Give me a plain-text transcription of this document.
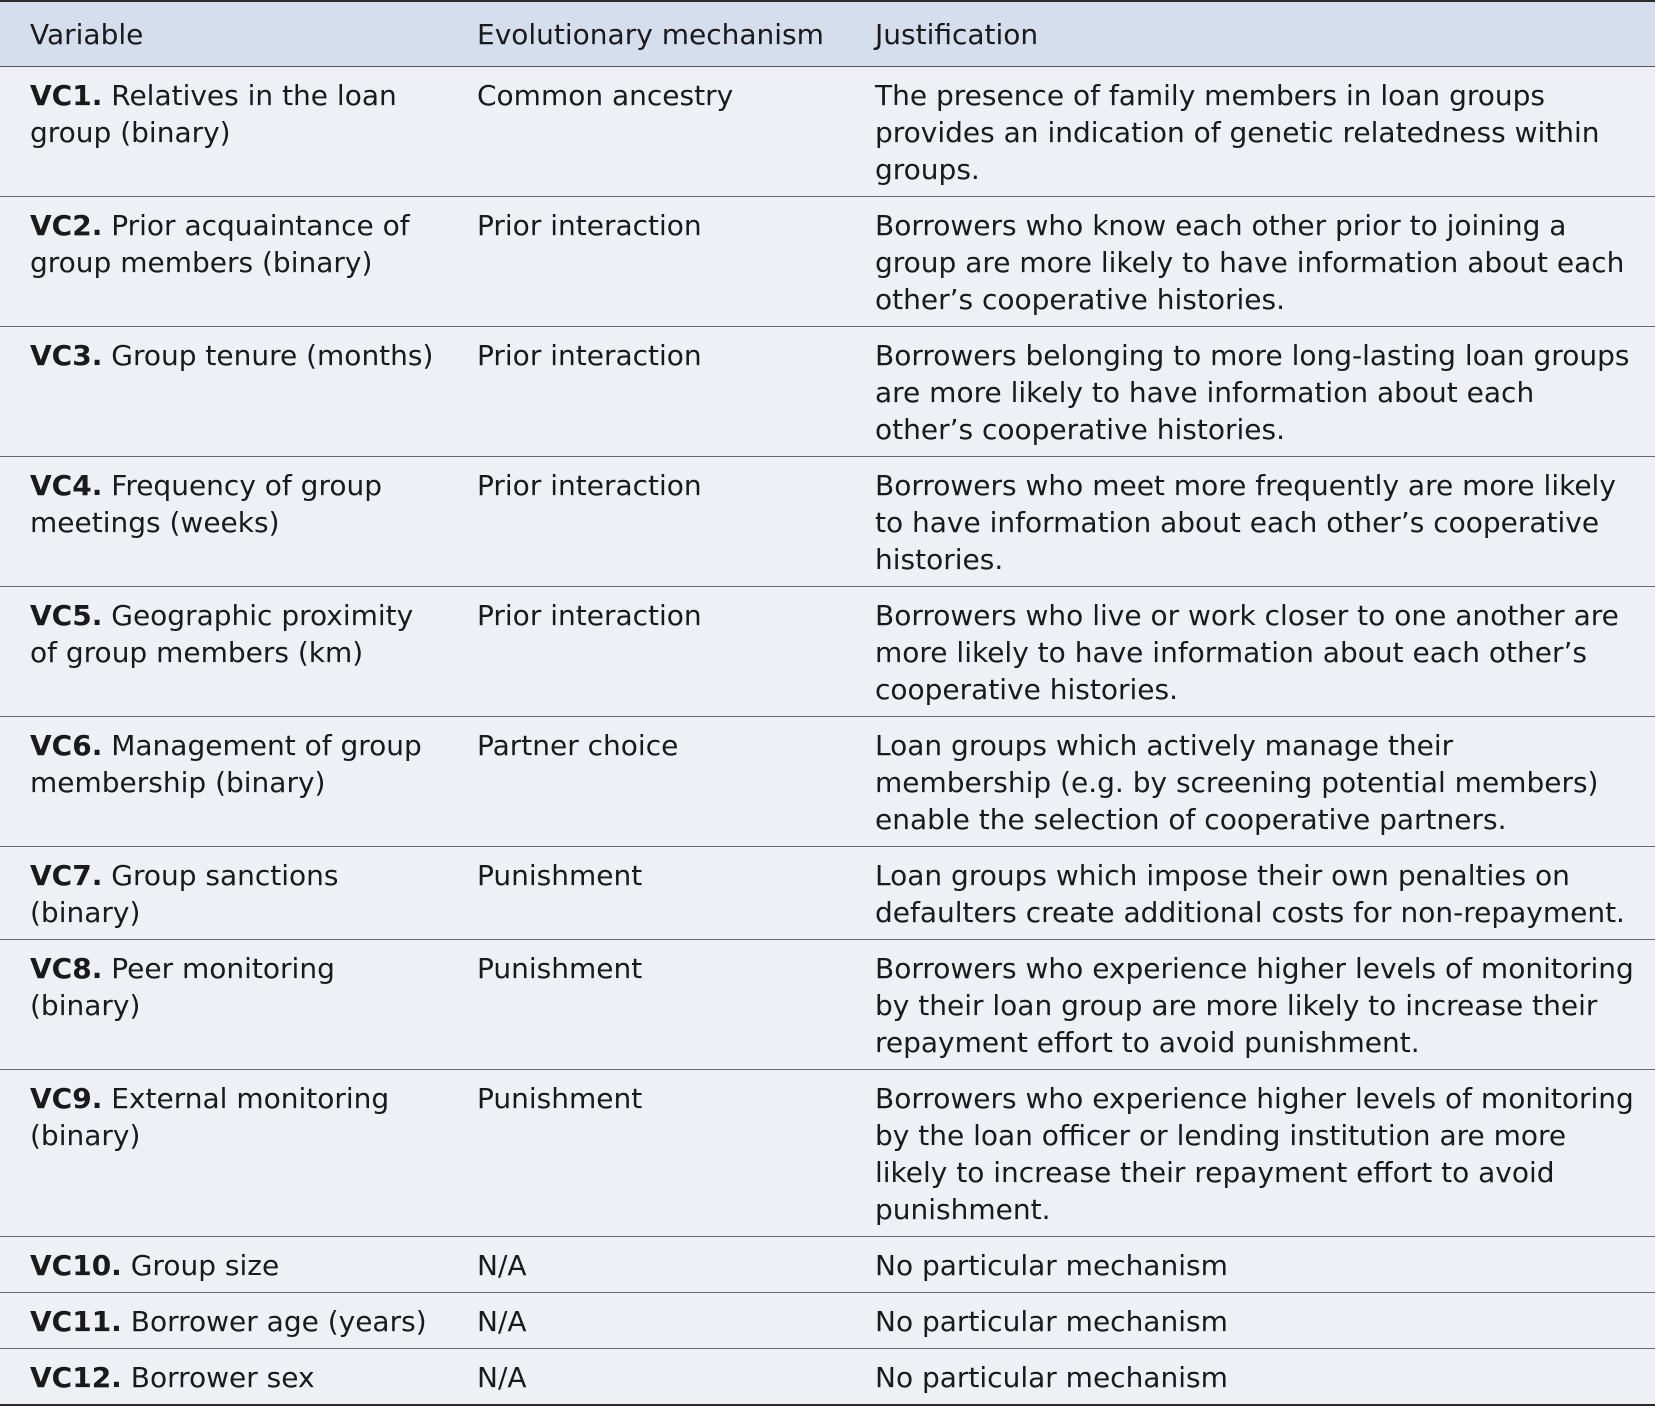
Variable	Evolutionary mechanism	Justification
VC1. Relatives in the loan group (binary)	Common ancestry	The presence of family members in loan groups provides an indication of genetic relatedness within groups.
VC2. Prior acquaintance of group members (binary)	Prior interaction	Borrowers who know each other prior to joining a group are more likely to have information about each other’s cooperative histories.
VC3. Group tenure (months)	Prior interaction	Borrowers belonging to more long-lasting loan groups are more likely to have information about each other’s cooperative histories.
VC4. Frequency of group meetings (weeks)	Prior interaction	Borrowers who meet more frequently are more likely to have information about each other’s cooperative histories.
VC5. Geographic proximity of group members (km)	Prior interaction	Borrowers who live or work closer to one another are more likely to have information about each other’s cooperative histories.
VC6. Management of group membership (binary)	Partner choice	Loan groups which actively manage their membership (e.g. by screening potential members) enable the selection of cooperative partners.
VC7. Group sanctions (binary)	Punishment	Loan groups which impose their own penalties on defaulters create additional costs for non-repayment.
VC8. Peer monitoring (binary)	Punishment	Borrowers who experience higher levels of monitoring by their loan group are more likely to increase their repayment effort to avoid punishment.
VC9. External monitoring (binary)	Punishment	Borrowers who experience higher levels of monitoring by the loan officer or lending institution are more likely to increase their repayment effort to avoid punishment.
VC10. Group size	N/A	No particular mechanism
VC11. Borrower age (years)	N/A	No particular mechanism
VC12. Borrower sex	N/A	No particular mechanism
